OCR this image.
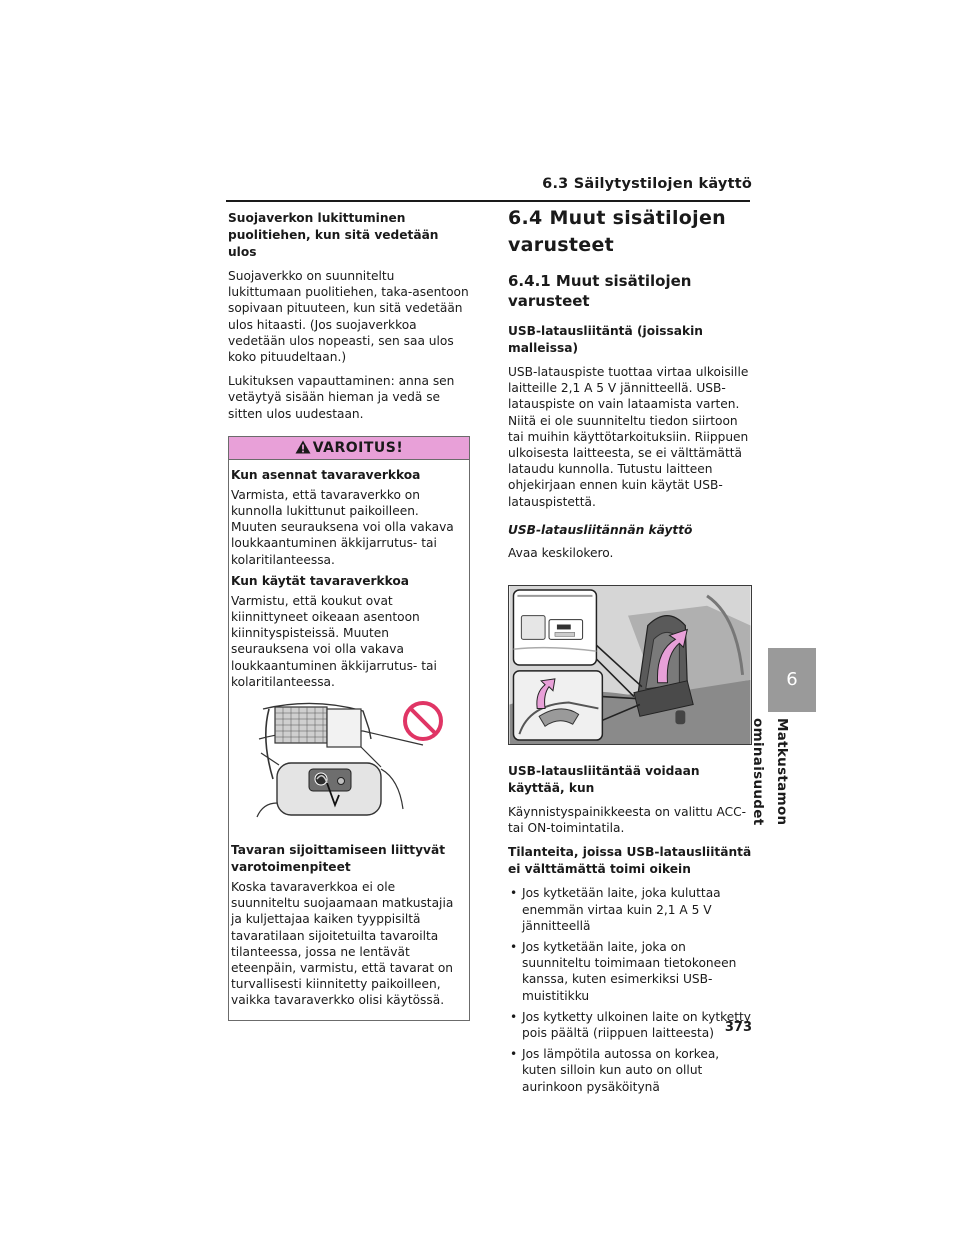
6.3 Säilytystilojen käyttö
Suojaverkon lukittuminen puolitiehen, kun sitä vedetään ulos
Suojaverkko on suunniteltu lukittumaan puolitiehen, taka-asentoon sopivaan pituuteen, kun sitä vedetään ulos hitaasti. (Jos suojaverkkoa vedetään ulos nopeasti, sen saa ulos koko pituudeltaan.)
Lukituksen vapauttaminen: anna sen vetäytyä sisään hieman ja vedä se sitten ulos uudestaan.
VAROITUS!
Kun asennat tavaraverkkoa
Varmista, että tavaraverkko on kunnolla lukittunut paikoilleen. Muuten seurauksena voi olla vakava loukkaantuminen äkkijarrutus- tai kolaritilanteessa.
Kun käytät tavaraverkkoa
Varmistu, että koukut ovat kiinnittyneet oikeaan asentoon kiinnityspisteissä. Muuten seurauksena voi olla vakava loukkaantuminen äkkijarrutus- tai kolaritilanteessa.
Tavaran sijoittamiseen liittyvät varotoimenpiteet
Koska tavaraverkkoa ei ole suunniteltu suojaamaan matkustajia ja kuljettajaa kaiken tyyppisiltä tavaratilaan sijoitetuilta tavaroilta tilanteessa, jossa ne lentävät eteenpäin, varmistu, että tavarat on turvallisesti kiinnitetty paikoilleen, vaikka tavaraverkko olisi käytössä.
6.4 Muut sisätilojen varusteet
6.4.1 Muut sisätilojen varusteet
USB-latausliitäntä (joissakin malleissa)
USB-latauspiste tuottaa virtaa ulkoisille laitteille 2,1 A 5 V jännitteellä. USB-latauspiste on vain lataamista varten. Niitä ei ole suunniteltu tiedon siirtoon tai muihin käyttötarkoituksiin. Riippuen ulkoisesta laitteesta, se ei välttämättä lataudu kunnolla. Tutustu laitteen ohjekirjaan ennen kuin käytät USB-latauspistettä.
USB-latausliitännän käyttö
Avaa keskilokero.
USB-latausliitäntää voidaan käyttää, kun
Käynnistyspainikkeesta on valittu ACC- tai ON-toimintatila.
Tilanteita, joissa USB-latausliitäntä ei välttämättä toimi oikein
• Jos kytketään laite, joka kuluttaa enemmän virtaa kuin 2,1 A 5 V jännitteellä
• Jos kytketään laite, joka on suunniteltu toimimaan tietokoneen kanssa, kuten esimerkiksi USB-muistitikku
• Jos kytketty ulkoinen laite on kytketty pois päältä (riippuen laitteesta)
• Jos lämpötila autossa on korkea, kuten silloin kun auto on ollut aurinkoon pysäköitynä
373
6
Matkustamon ominaisuudet
